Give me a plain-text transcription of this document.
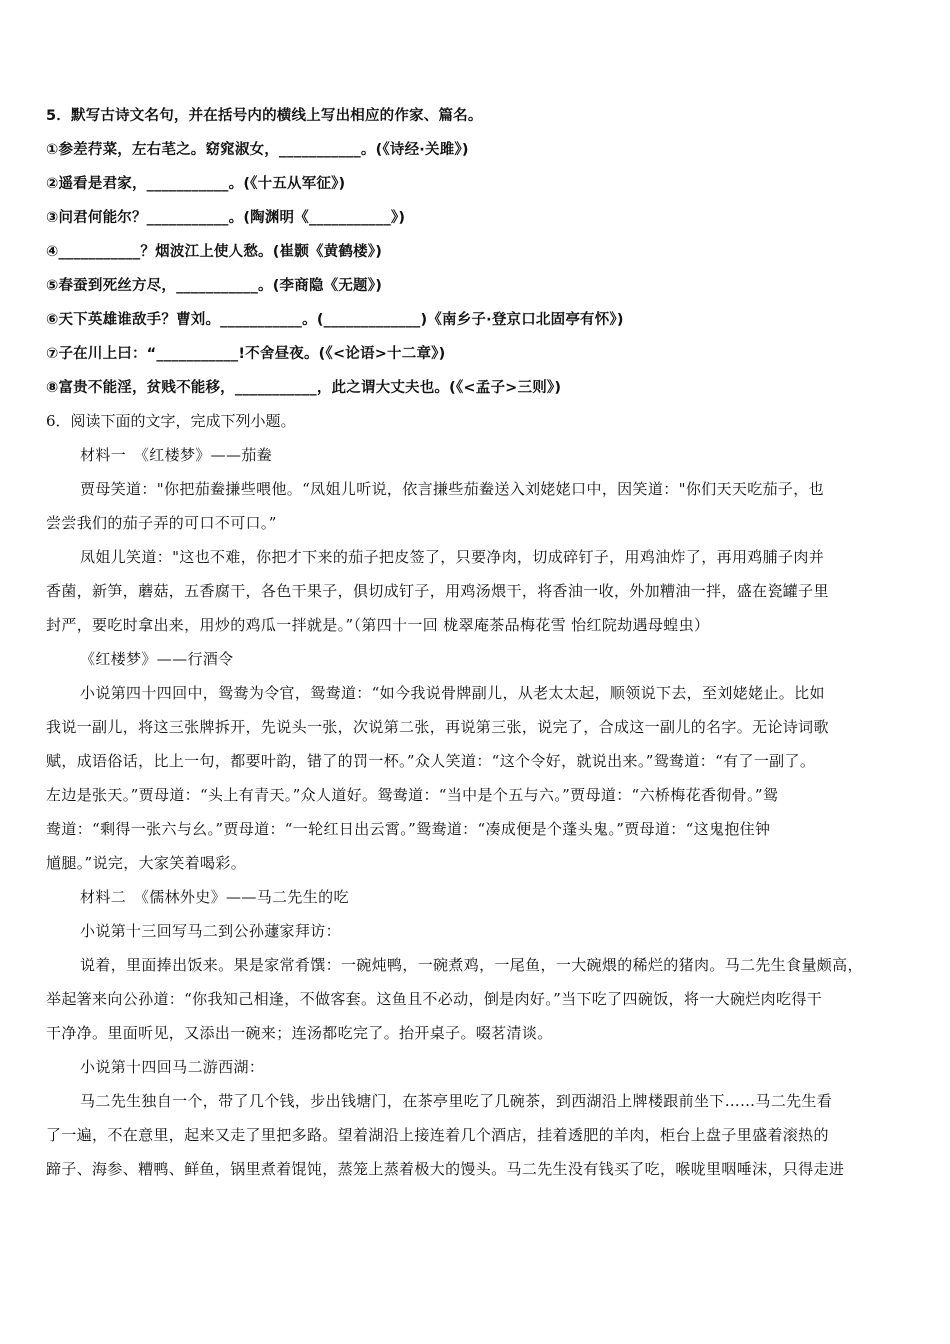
5．默写古诗文名句，并在括号内的横线上写出相应的作家、篇名。
①参差荇菜，左右芼之。窈窕淑女，___________。(《诗经·关雎》)
②遥看是君家，___________。(《十五从军征》)
③问君何能尔？___________。(陶渊明《___________》)
④___________？烟波江上使人愁。(崔颢《黄鹤楼》)
⑤春蚕到死丝方尽，___________。(李商隐《无题》)
⑥天下英雄谁敌手？曹刘。___________。(_____________)《南乡子·登京口北固亭有怀》)
⑦子在川上曰：“___________!不舍昼夜。(《<论语>十二章》)
⑧富贵不能淫，贫贱不能移，___________，此之谓大丈夫也。(《<孟子>三则》)
6．阅读下面的文字，完成下列小题。
材料一　《红楼梦》——茄鲞
贾母笑道："你把茄鲞搛些喂他。“凤姐儿听说，依言搛些茄鲞送入刘姥姥口中，因笑道："你们天天吃茄子，也
尝尝我们的茄子弄的可口不可口。”
凤姐儿笑道："这也不难，你把才下来的茄子把皮签了，只要净肉，切成碎钉子，用鸡油炸了，再用鸡脯子肉并
香菌，新笋，蘑菇，五香腐干，各色干果子，俱切成钉子，用鸡汤煨干，将香油一收，外加糟油一拌，盛在瓷罐子里
封严，要吃时拿出来，用炒的鸡瓜一拌就是。”（第四十一回 栊翠庵茶品梅花雪 怡红院劫遇母蝗虫）
《红楼梦》——行酒令
小说第四十四回中，鸳鸯为令官，鸳鸯道：“如今我说骨牌副儿，从老太太起，顺领说下去，至刘姥姥止。比如
我说一副儿，将这三张牌拆开，先说头一张，次说第二张，再说第三张，说完了，合成这一副儿的名字。无论诗词歌
赋，成语俗话，比上一句，都要叶韵，错了的罚一杯。”众人笑道：“这个令好，就说出来。”鸳鸯道：“有了一副了。
左边是张天。”贾母道：“头上有青天。”众人道好。鸳鸯道：“当中是个五与六。”贾母道：“六桥梅花香彻骨。”鸳
鸯道：“剩得一张六与幺。”贾母道：“一轮红日出云霄。”鸳鸯道：“凑成便是个蓬头鬼。”贾母道：“这鬼抱住钟
馗腿。”说完，大家笑着喝彩。
材料二　《儒林外史》——马二先生的吃
小说第十三回写马二到公孙蘧家拜访：
说着，里面捧出饭来。果是家常肴馔：一碗炖鸭，一碗煮鸡，一尾鱼，一大碗煨的稀烂的猪肉。马二先生食量颇高，
举起箸来向公孙道：“你我知己相逢，不做客套。这鱼且不必动，倒是肉好。”当下吃了四碗饭，将一大碗烂肉吃得干
干净净。里面听见，又添出一碗来；连汤都吃完了。抬开桌子。啜茗清谈。
小说第十四回马二游西湖：
马二先生独自一个，带了几个钱，步出钱塘门，在茶亭里吃了几碗茶，到西湖沿上牌楼跟前坐下……马二先生看
了一遍，不在意里，起来又走了里把多路。望着湖沿上接连着几个酒店，挂着透肥的羊肉，柜台上盘子里盛着滚热的
蹄子、海参、糟鸭、鲜鱼，锅里煮着馄饨，蒸笼上蒸着极大的馒头。马二先生没有钱买了吃，喉咙里咽唾沫，只得走进
